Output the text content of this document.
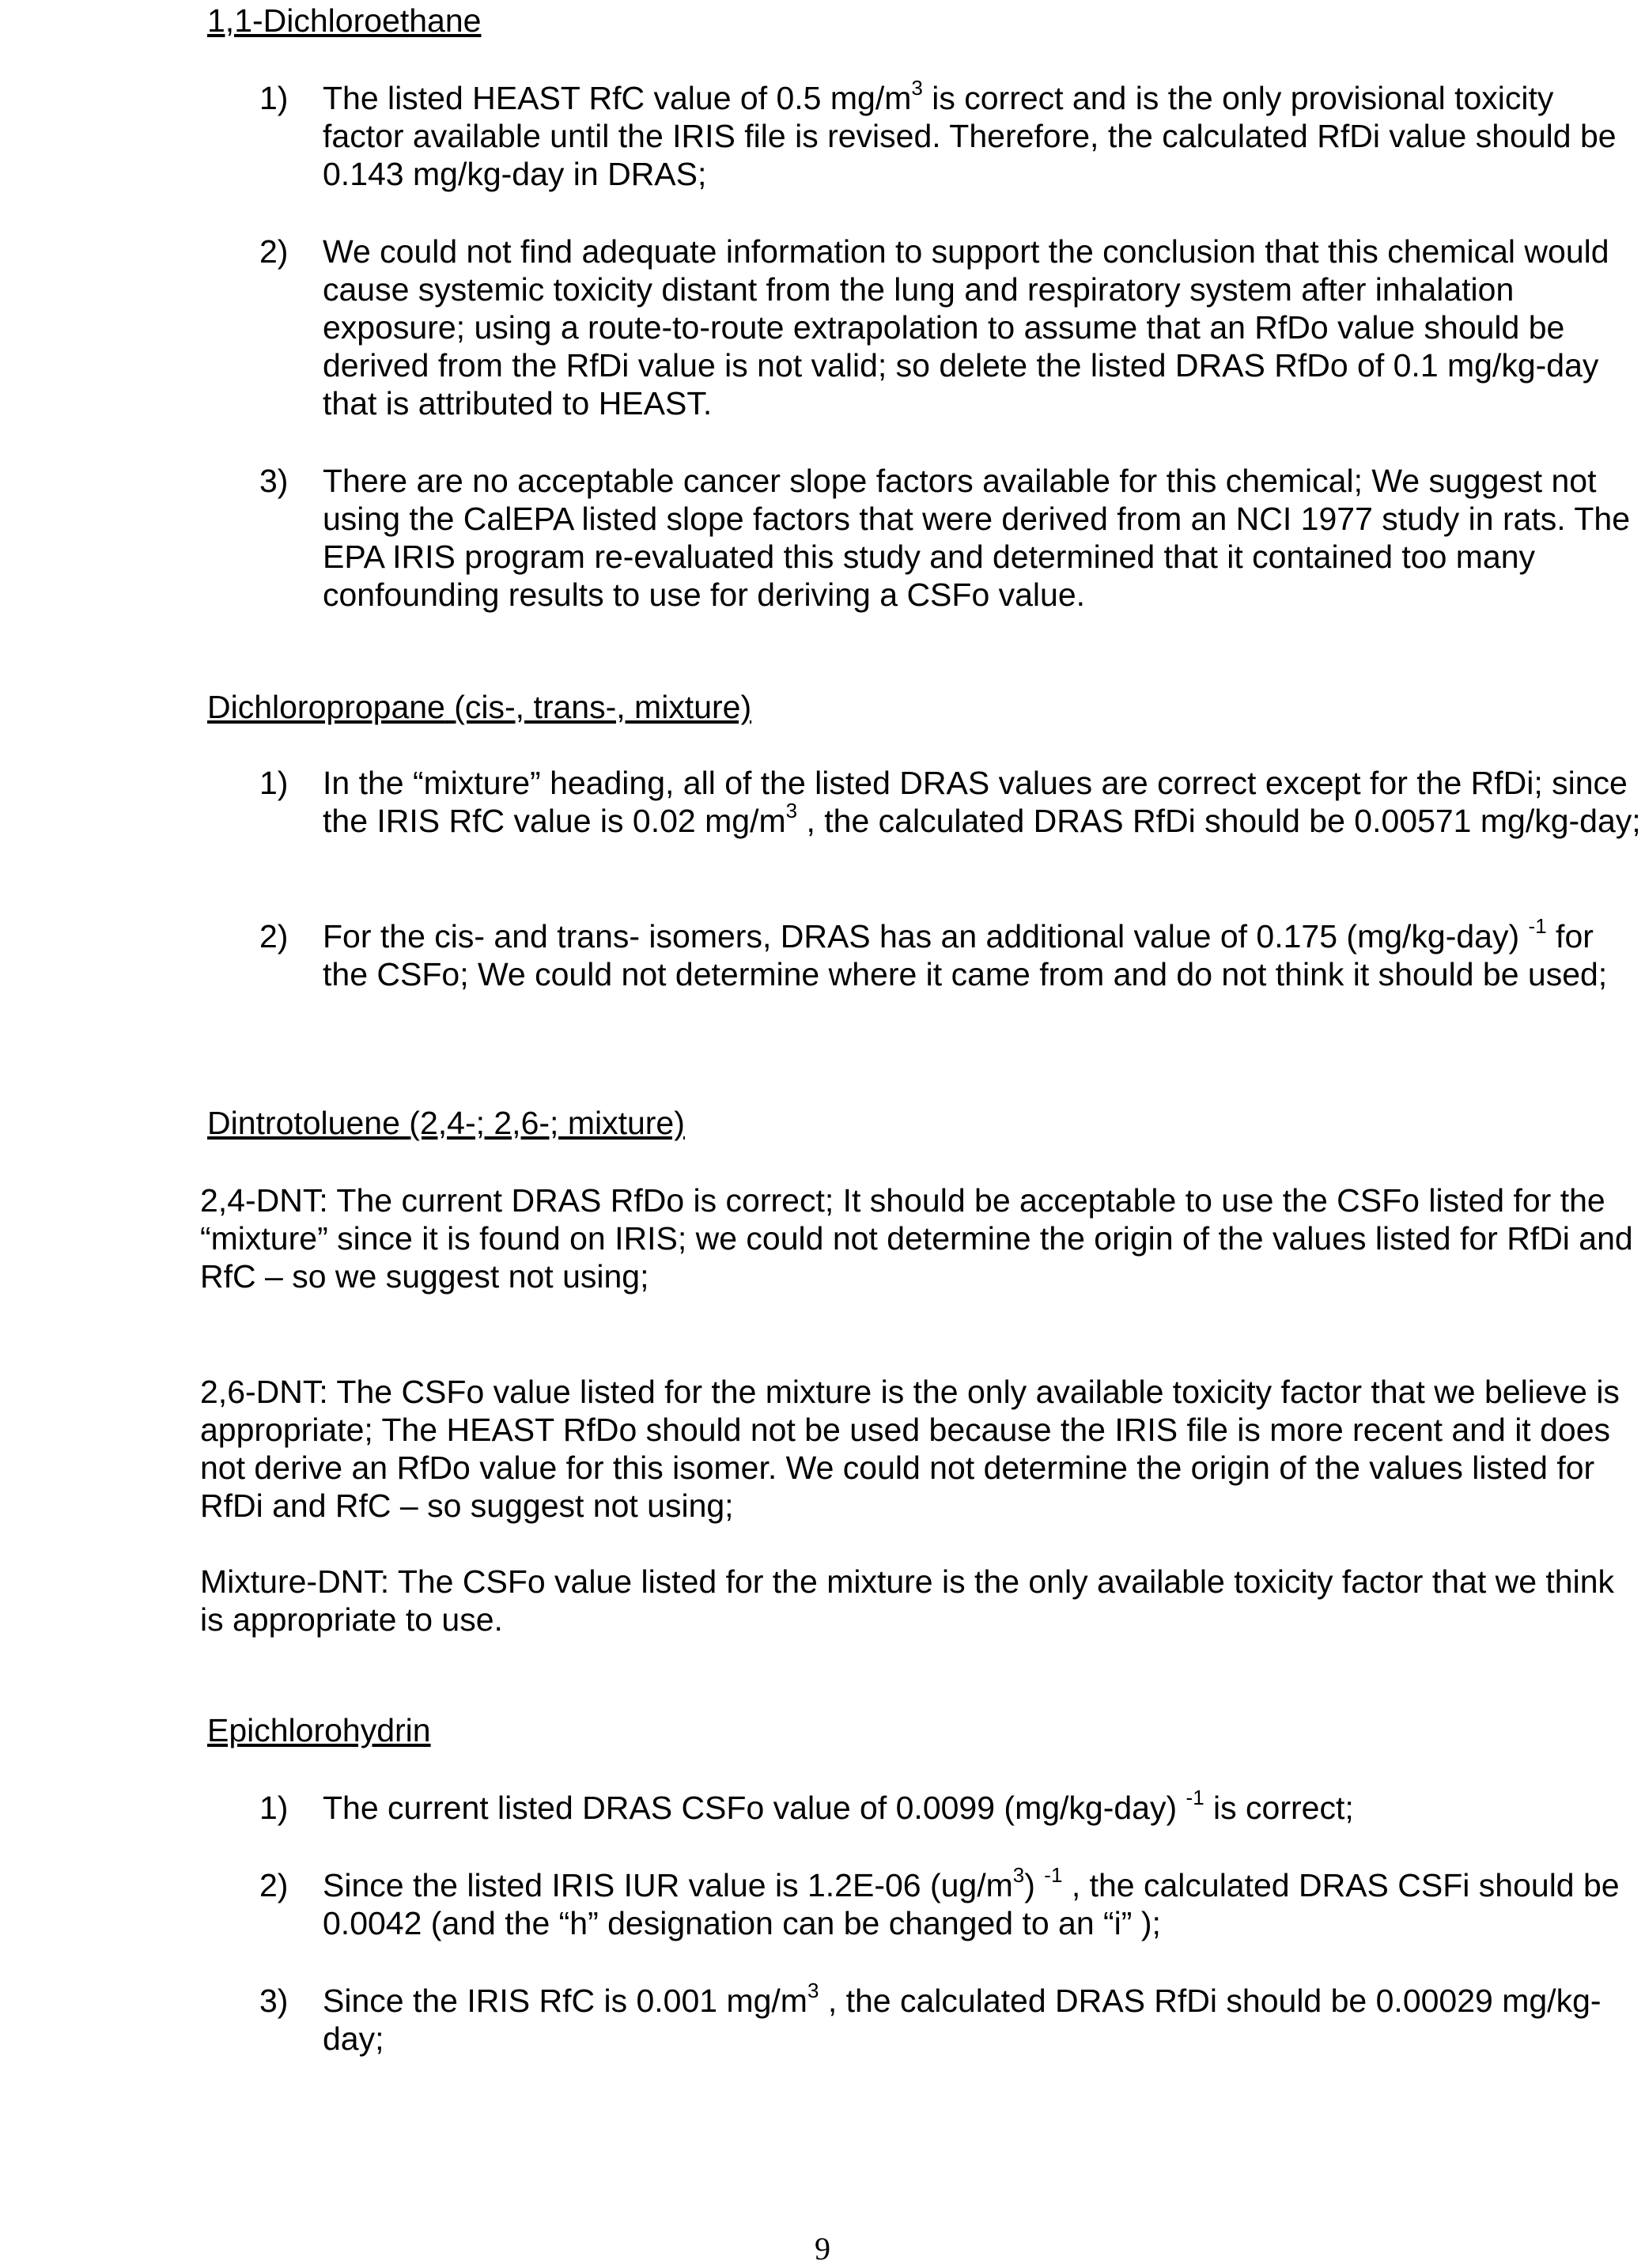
1,1-Dichloroethane
1) The listed HEAST RfC value of 0.5 $mg/m^3$ is correct and is the only provisional toxicity factor available until the IRIS file is revised. Therefore, the calculated RfDi value should be 0.143 mg/kg-day in DRAS;
2) We could not find adequate information to support the conclusion that this chemical would cause systemic toxicity distant from the lung and respiratory system after inhalation exposure; using a route-to-route extrapolation to assume that an RfDo value should be derived from the RfDi value is not valid; so delete the listed DRAS RfDo of 0.1 mg/kg-day that is attributed to HEAST.
3) There are no acceptable cancer slope factors available for this chemical; We suggest not using the CalEPA listed slope factors that were derived from an NCI 1977 study in rats. The EPA IRIS program re-evaluated this study and determined that it contained too many confounding results to use for deriving a CSFo value.
Dichloropropane (cis-, trans-, mixture)
1) In the “mixture” heading, all of the listed DRAS values are correct except for the RfDi; since the IRIS RfC value is 0.02 $mg/m^3$ , the calculated DRAS RfDi should be 0.00571 mg/kg-day;
2) For the cis- and trans- isomers, DRAS has an additional value of 0.175 (mg/kg-day) $^{-1}$ for the CSFo; We could not determine where it came from and do not think it should be used;
Dintrotoluene (2,4-; 2,6-; mixture)
2,4-DNT: The current DRAS RfDo is correct; It should be acceptable to use the CSFo listed for the “mixture” since it is found on IRIS; we could not determine the origin of the values listed for RfDi and RfC – so we suggest not using;
2,6-DNT: The CSFo value listed for the mixture is the only available toxicity factor that we believe is appropriate; The HEAST RfDo should not be used because the IRIS file is more recent and it does not derive an RfDo value for this isomer. We could not determine the origin of the values listed for RfDi and RfC – so suggest not using;
Mixture-DNT: The CSFo value listed for the mixture is the only available toxicity factor that we think is appropriate to use.
Epichlorohydrin
1) The current listed DRAS CSFo value of 0.0099 (mg/kg-day) $^{-1}$ is correct;
2) Since the listed IRIS IUR value is 1.2E-06 $(ug/m^3)$ $^{-1}$ , the calculated DRAS CSFi should be 0.0042 (and the “h” designation can be changed to an “i” );
3) Since the IRIS RfC is 0.001 $mg/m^3$ , the calculated DRAS RfDi should be 0.00029 mg/kg-day;
9
